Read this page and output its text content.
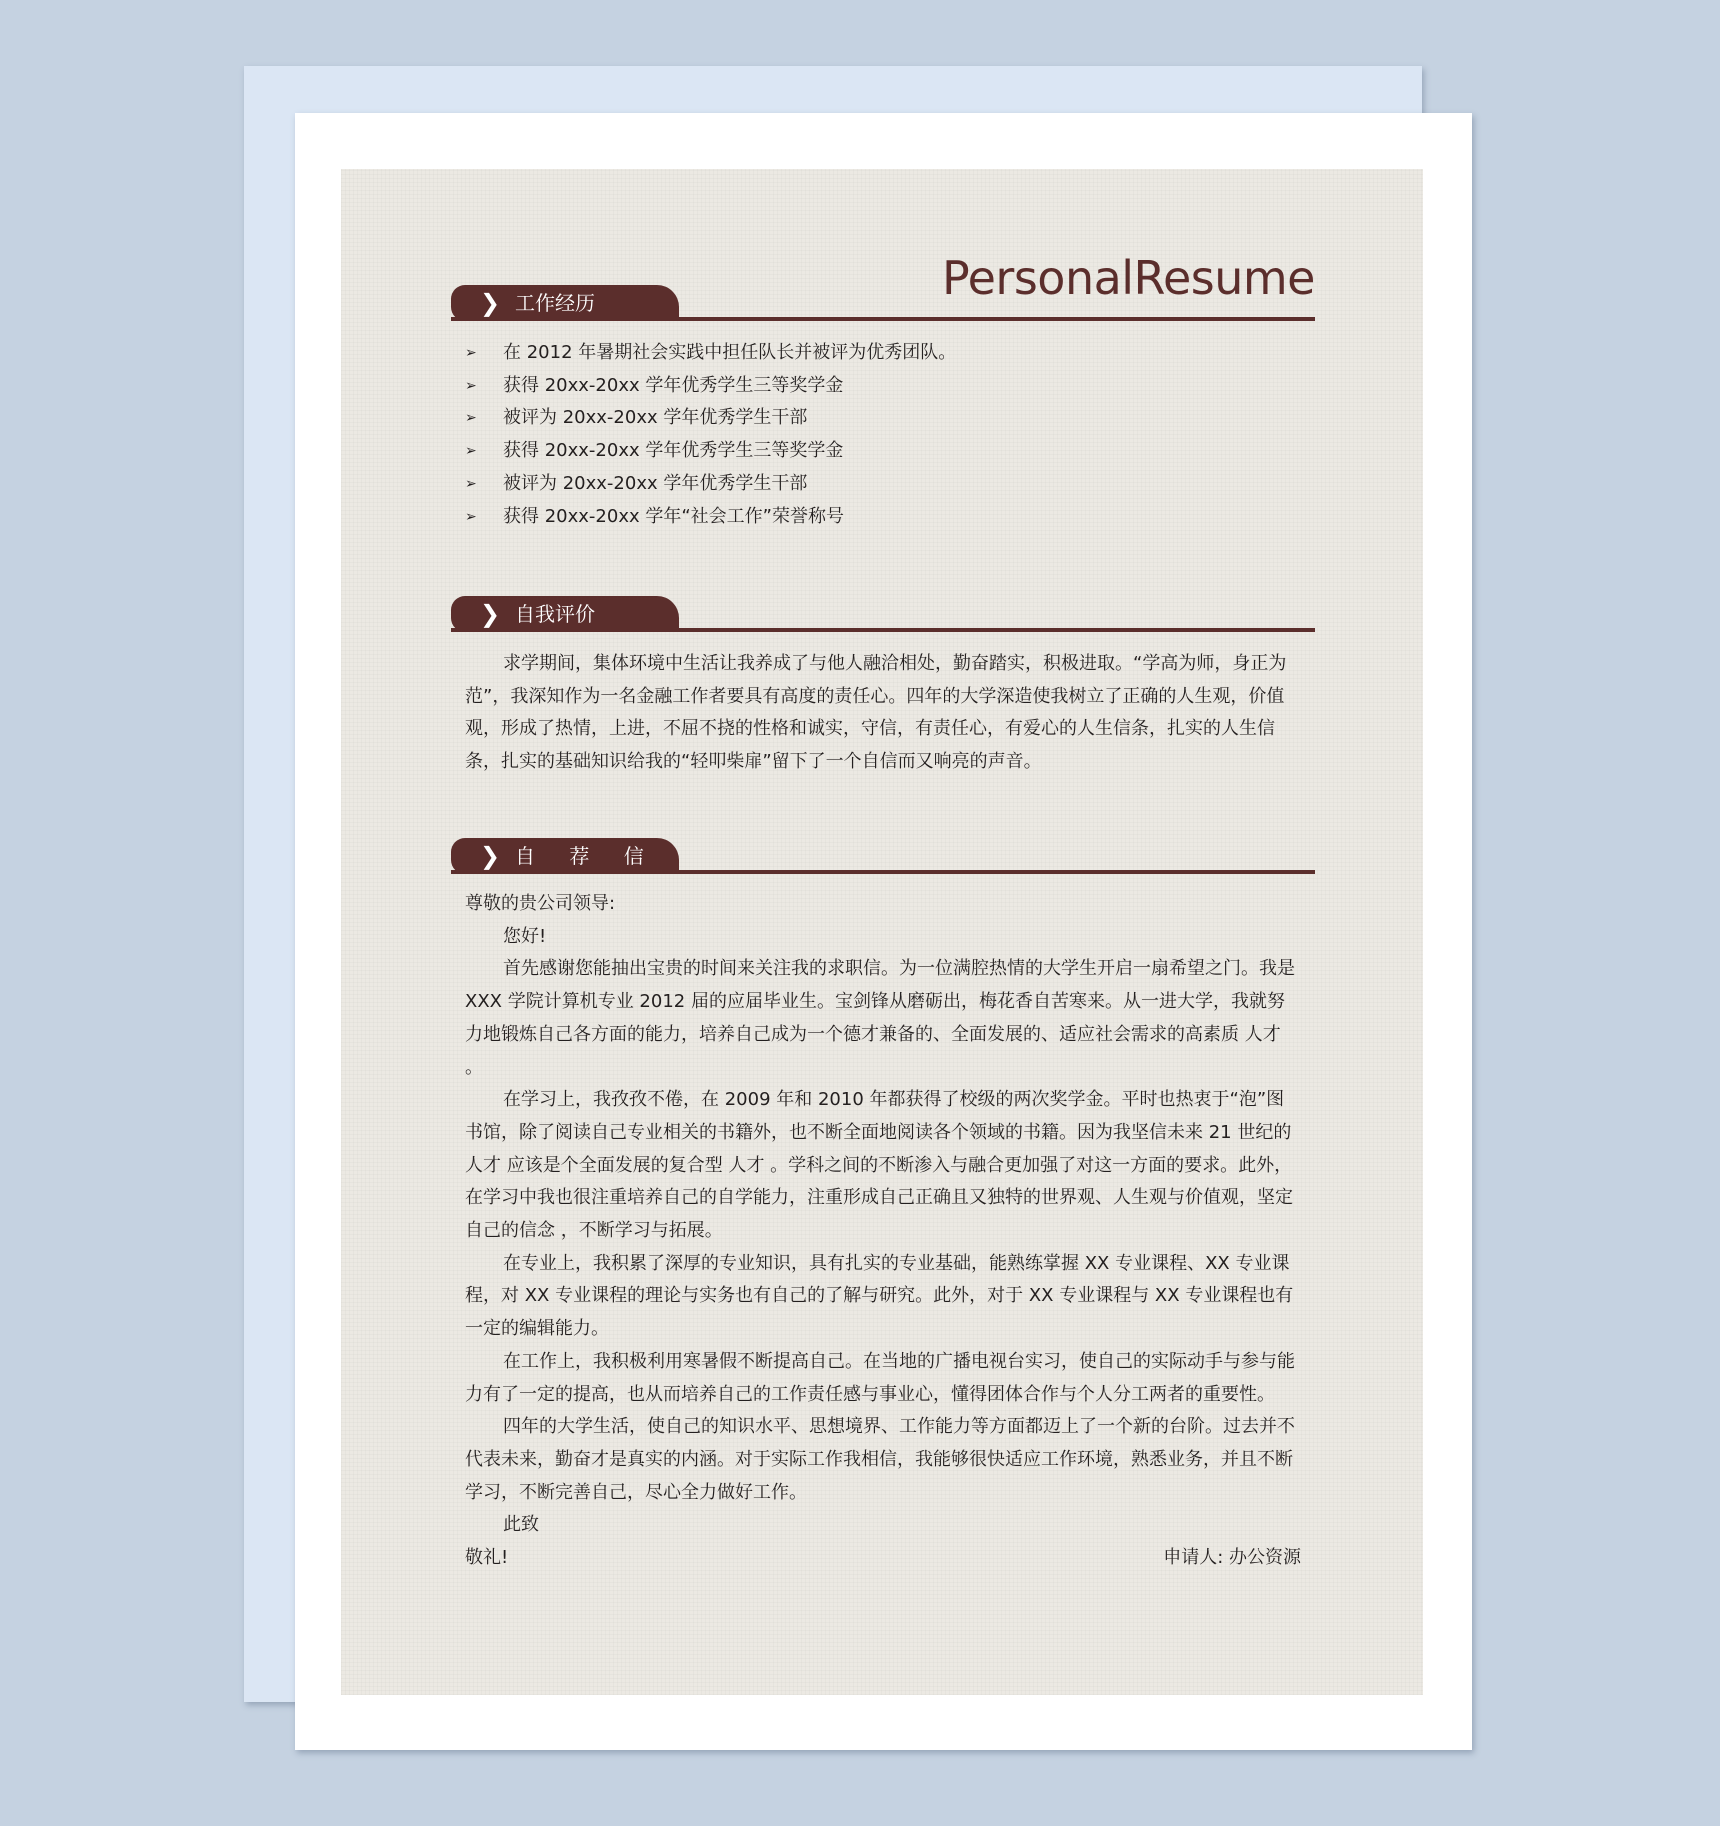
PersonalResume
❯ 工作经历
➢ 在 2012 年暑期社会实践中担任队长并被评为优秀团队。
➢ 获得 20xx-20xx 学年优秀学生三等奖学金
➢ 被评为 20xx-20xx 学年优秀学生干部
➢ 获得 20xx-20xx 学年优秀学生三等奖学金
➢ 被评为 20xx-20xx 学年优秀学生干部
➢ 获得 20xx-20xx 学年“社会工作”荣誉称号
❯ 自我评价

求学期间，集体环境中生活让我养成了与他人融洽相处，勤奋踏实，积极进取。“学高为师，身正为范”，我深知作为一名金融工作者要具有高度的责任心。四年的大学深造使我树立了正确的人生观，价值观，形成了热情，上进，不屈不挠的性格和诚实，守信，有责任心，有爱心的人生信条，扎实的人生信条，扎实的基础知识给我的“轻叩柴扉”留下了一个自信而又响亮的声音。

❯ 自 荐 信

尊敬的贵公司领导:

您好!

首先感谢您能抽出宝贵的时间来关注我的求职信。为一位满腔热情的大学生开启一扇希望之门。我是 XXX 学院计算机专业 2012 届的应届毕业生。宝剑锋从磨砺出，梅花香自苦寒来。从一进大学，我就努力地锻炼自己各方面的能力，培养自己成为一个德才兼备的、全面发展的、适应社会需求的高素质 人才 。

在学习上，我孜孜不倦，在 2009 年和 2010 年都获得了校级的两次奖学金。平时也热衷于“泡”图书馆，除了阅读自己专业相关的书籍外，也不断全面地阅读各个领域的书籍。因为我坚信未来 21 世纪的 人才 应该是个全面发展的复合型 人才 。学科之间的不断渗入与融合更加强了对这一方面的要求。此外，在学习中我也很注重培养自己的自学能力，注重形成自己正确且又独特的世界观、人生观与价值观，坚定自己的信念 ，不断学习与拓展。

在专业上，我积累了深厚的专业知识，具有扎实的专业基础，能熟练掌握 XX 专业课程、XX 专业课程，对 XX 专业课程的理论与实务也有自己的了解与研究。此外，对于 XX 专业课程与 XX 专业课程也有一定的编辑能力。

在工作上，我积极利用寒暑假不断提高自己。在当地的广播电视台实习，使自己的实际动手与参与能力有了一定的提高，也从而培养自己的工作责任感与事业心，懂得团体合作与个人分工两者的重要性。

四年的大学生活，使自己的知识水平、思想境界、工作能力等方面都迈上了一个新的台阶。过去并不代表未来，勤奋才是真实的内涵。对于实际工作我相信，我能够很快适应工作环境，熟悉业务，并且不断学习，不断完善自己，尽心全力做好工作。

此致

敬礼!	申请人: 办公资源
